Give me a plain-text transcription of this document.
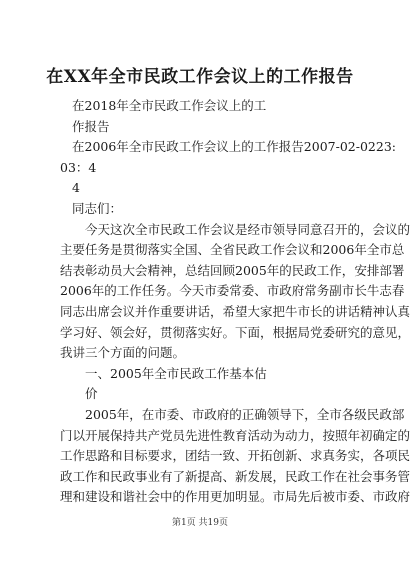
在XX年全市民政工作会议上的工作报告
在2018年全市民政工作会议上的工
作报告
在2006年全市民政工作会议上的工作报告2007-02-0223:
03：4
4
同志们：
今天这次全市民政工作会议是经市领导同意召开的，会议的
主要任务是贯彻落实全国、全省民政工作会议和2006年全市总
结表彰动员大会精神，总结回顾2005年的民政工作，安排部署
2006年的工作任务。今天市委常委、市政府常务副市长牛志春
同志出席会议并作重要讲话，希望大家把牛市长的讲话精神认真
学习好、领会好，贯彻落实好。下面，根据局党委研究的意见，
我讲三个方面的问题。
一、2005年全市民政工作基本估
价
2005年，在市委、市政府的正确领导下，全市各级民政部
门以开展保持共产党员先进性教育活动为动力，按照年初确定的
工作思路和目标要求，团结一致、开拓创新、求真务实，各项民
政工作和民政事业有了新提高、新发展，民政工作在社会事务管
理和建设和谐社会中的作用更加明显。市局先后被市委、市政府
第1页 共19页
